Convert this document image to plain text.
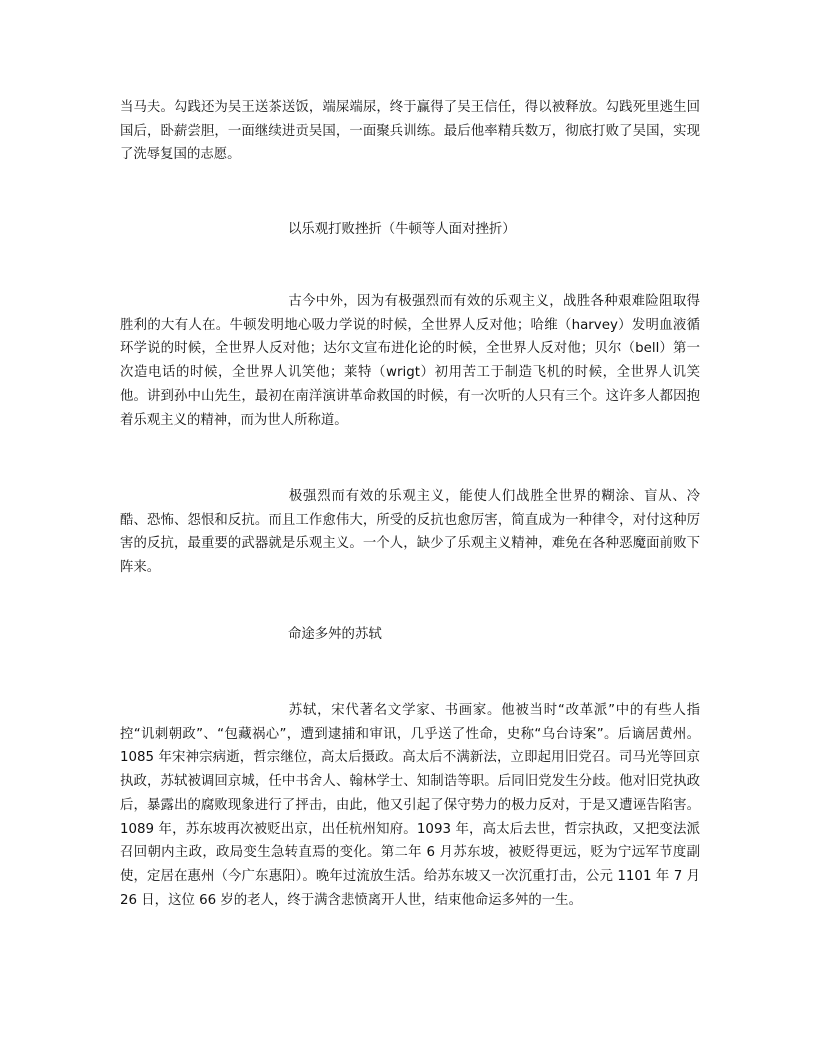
当马夫。勾践还为吴王送茶送饭，端屎端尿，终于赢得了吴王信任，得以被释放。勾践死里逃生回国后，卧薪尝胆，一面继续进贡吴国，一面聚兵训练。最后他率精兵数万，彻底打败了吴国，实现了洗辱复国的志愿。

以乐观打败挫折（牛顿等人面对挫折）

古今中外，因为有极强烈而有效的乐观主义，战胜各种艰难险阻取得胜利的大有人在。牛顿发明地心吸力学说的时候，全世界人反对他；哈维（harvey）发明血液循环学说的时候，全世界人反对他；达尔文宣布进化论的时候，全世界人反对他；贝尔（bell）第一次造电话的时候，全世界人讥笑他；莱特（wrigt）初用苦工于制造飞机的时候，全世界人讥笑他。讲到孙中山先生，最初在南洋演讲革命救国的时候，有一次听的人只有三个。这许多人都因抱着乐观主义的精神，而为世人所称道。

极强烈而有效的乐观主义，能使人们战胜全世界的糊涂、盲从、冷酷、恐怖、怨恨和反抗。而且工作愈伟大，所受的反抗也愈厉害，简直成为一种律令，对付这种厉害的反抗，最重要的武器就是乐观主义。一个人，缺少了乐观主义精神，难免在各种恶魔面前败下阵来。

命途多舛的苏轼

苏轼，宋代著名文学家、书画家。他被当时“改革派”中的有些人指控“讥刺朝政”、“包藏祸心”，遭到逮捕和审讯，几乎送了性命，史称“乌台诗案”。后谪居黄州。1085 年宋神宗病逝，哲宗继位，高太后摄政。高太后不满新法，立即起用旧党召。司马光等回京执政，苏轼被调回京城，任中书舍人、翰林学士、知制诰等职。后同旧党发生分歧。他对旧党执政后，暴露出的腐败现象进行了抨击，由此，他又引起了保守势力的极力反对，于是又遭诬告陷害。1089 年，苏东坡再次被贬出京，出任杭州知府。1093 年，高太后去世，哲宗执政，又把变法派召回朝内主政，政局变生急转直焉的变化。第二年 6 月苏东坡，被贬得更远，贬为宁远军节度副使，定居在惠州（今广东惠阳）。晚年过流放生活。给苏东坡又一次沉重打击，公元 1101 年 7 月 26 日，这位 66 岁的老人，终于满含悲愤离开人世，结束他命运多舛的一生。
